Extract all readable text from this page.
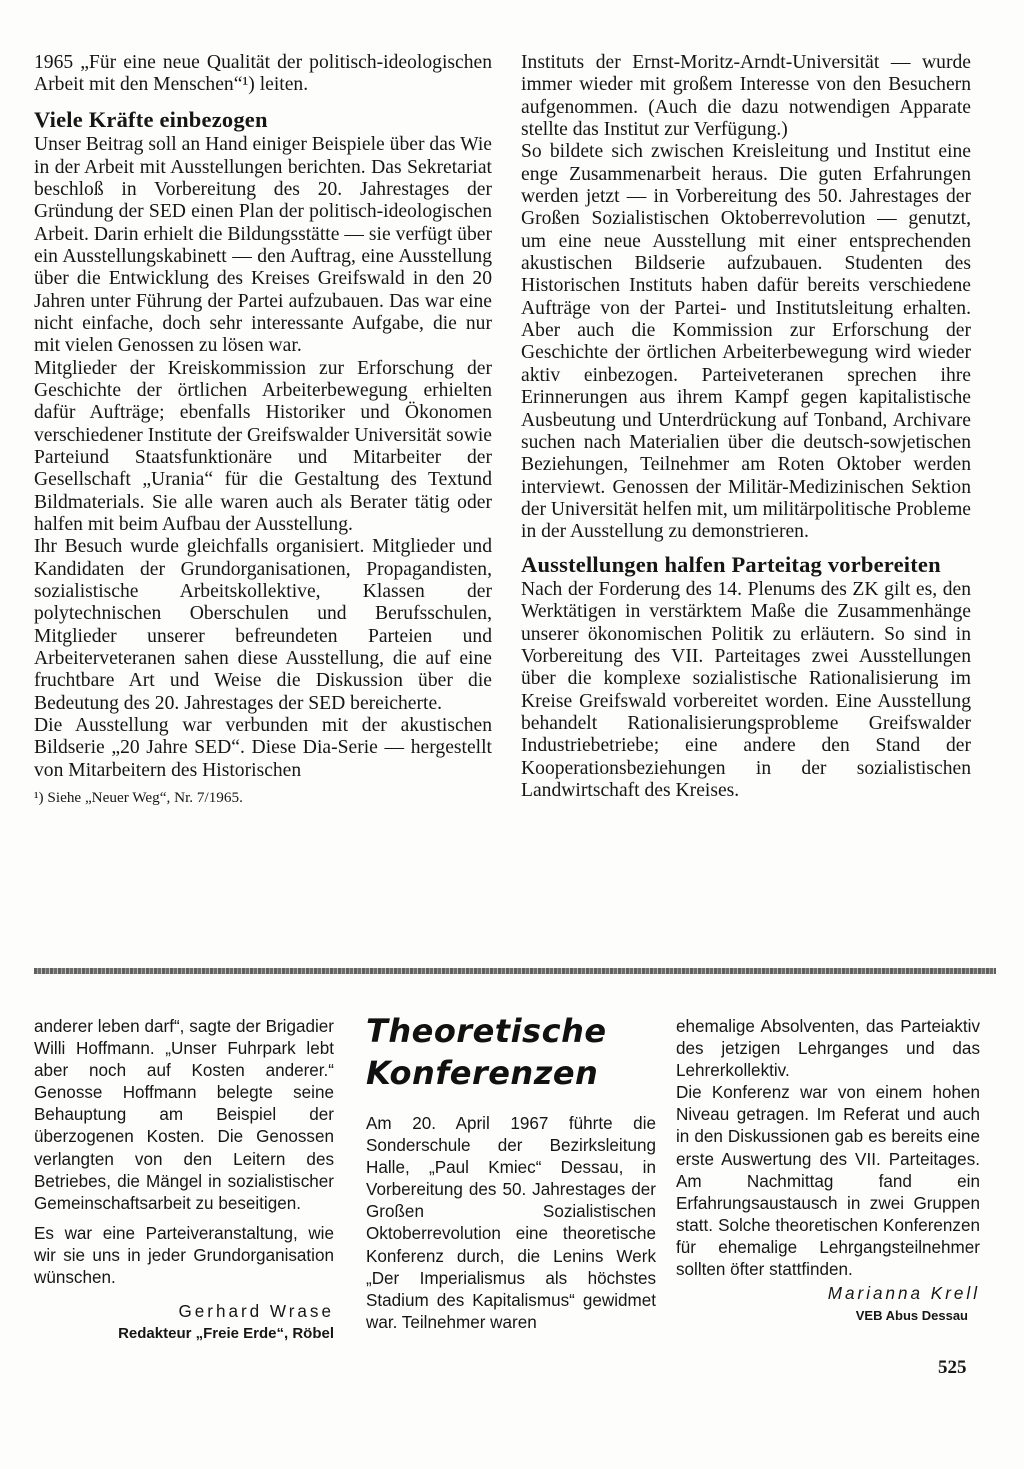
1965 „Für eine neue Qualität der politisch-ideologischen Arbeit mit den Menschen“¹) leiten.

Viele Kräfte einbezogen

Unser Beitrag soll an Hand einiger Beispiele über das Wie in der Arbeit mit Ausstellungen berichten. Das Sekretariat beschloß in Vorbereitung des 20. Jahrestages der Gründung der SED einen Plan der politisch-ideologischen Arbeit. Darin erhielt die Bildungsstätte — sie verfügt über ein Ausstellungskabinett — den Auftrag, eine Ausstellung über die Entwicklung des Kreises Greifswald in den 20 Jahren unter Führung der Partei aufzubauen. Das war eine nicht einfache, doch sehr interessante Aufgabe, die nur mit vielen Genossen zu lösen war.

Mitglieder der Kreiskommission zur Erforschung der Geschichte der örtlichen Arbeiterbewegung erhielten dafür Aufträge; ebenfalls Historiker und Ökonomen verschiedener Institute der Greifswalder Universität sowie Parteiund Staatsfunktionäre und Mitarbeiter der Gesellschaft „Urania“ für die Gestaltung des Textund Bildmaterials. Sie alle waren auch als Berater tätig oder halfen mit beim Aufbau der Ausstellung.

Ihr Besuch wurde gleichfalls organisiert. Mitglieder und Kandidaten der Grundorganisationen, Propagandisten, sozialistische Arbeitskollektive, Klassen der polytechnischen Oberschulen und Berufsschulen, Mitglieder unserer befreundeten Parteien und Arbeiterveteranen sahen diese Ausstellung, die auf eine fruchtbare Art und Weise die Diskussion über die Bedeutung des 20. Jahrestages der SED bereicherte.

Die Ausstellung war verbunden mit der akustischen Bildserie „20 Jahre SED“. Diese Dia-Serie — hergestellt von Mitarbeitern des Historischen

¹) Siehe „Neuer Weg“, Nr. 7/1965.

Instituts der Ernst-Moritz-Arndt-Universität — wurde immer wieder mit großem Interesse von den Besuchern aufgenommen. (Auch die dazu notwendigen Apparate stellte das Institut zur Verfügung.)

So bildete sich zwischen Kreisleitung und Institut eine enge Zusammenarbeit heraus. Die guten Erfahrungen werden jetzt — in Vorbereitung des 50. Jahrestages der Großen Sozialistischen Oktoberrevolution — genutzt, um eine neue Ausstellung mit einer entsprechenden akustischen Bildserie aufzubauen. Studenten des Historischen Instituts haben dafür bereits verschiedene Aufträge von der Partei- und Institutsleitung erhalten. Aber auch die Kommission zur Erforschung der Geschichte der örtlichen Arbeiterbewegung wird wieder aktiv einbezogen. Parteiveteranen sprechen ihre Erinnerungen aus ihrem Kampf gegen kapitalistische Ausbeutung und Unterdrückung auf Tonband, Archivare suchen nach Materialien über die deutsch-sowjetischen Beziehungen, Teilnehmer am Roten Oktober werden interviewt. Genossen der Militär-Medizinischen Sektion der Universität helfen mit, um militärpolitische Probleme in der Ausstellung zu demonstrieren.

Ausstellungen halfen Parteitag vorbereiten

Nach der Forderung des 14. Plenums des ZK gilt es, den Werktätigen in verstärktem Maße die Zusammenhänge unserer ökonomischen Politik zu erläutern. So sind in Vorbereitung des VII. Parteitages zwei Ausstellungen über die komplexe sozialistische Rationalisierung im Kreise Greifswald vorbereitet worden. Eine Ausstellung behandelt Rationalisierungsprobleme Greifswalder Industriebetriebe; eine andere den Stand der Kooperationsbeziehungen in der sozialistischen Landwirtschaft des Kreises.

anderer leben darf“, sagte der Brigadier Willi Hoffmann. „Unser Fuhrpark lebt aber noch auf Kosten anderer.“ Genosse Hoffmann belegte seine Behauptung am Beispiel der überzogenen Kosten. Die Genossen verlangten von den Leitern des Betriebes, die Mängel in sozialistischer Gemeinschaftsarbeit zu beseitigen.

Es war eine Parteiveranstaltung, wie wir sie uns in jeder Grundorganisation wünschen.

Gerhard Wrase
Redakteur „Freie Erde“, Röbel
Theoretische
Konferenzen

Am 20. April 1967 führte die Sonderschule der Bezirksleitung Halle, „Paul Kmiec“ Dessau, in Vorbereitung des 50. Jahrestages der Großen Sozialistischen Oktoberrevolution eine theoretische Konferenz durch, die Lenins Werk „Der Imperialismus als höchstes Stadium des Kapitalismus“ gewidmet war. Teilnehmer waren

ehemalige Absolventen, das Parteiaktiv des jetzigen Lehrganges und das Lehrerkollektiv.

Die Konferenz war von einem hohen Niveau getragen. Im Referat und auch in den Diskussionen gab es bereits eine erste Auswertung des VII. Parteitages. Am Nachmittag fand ein Erfahrungsaustausch in zwei Gruppen statt. Solche theoretischen Konferenzen für ehemalige Lehrgangsteilnehmer sollten öfter stattfinden.

Marianna Krell
VEB Abus Dessau
525
